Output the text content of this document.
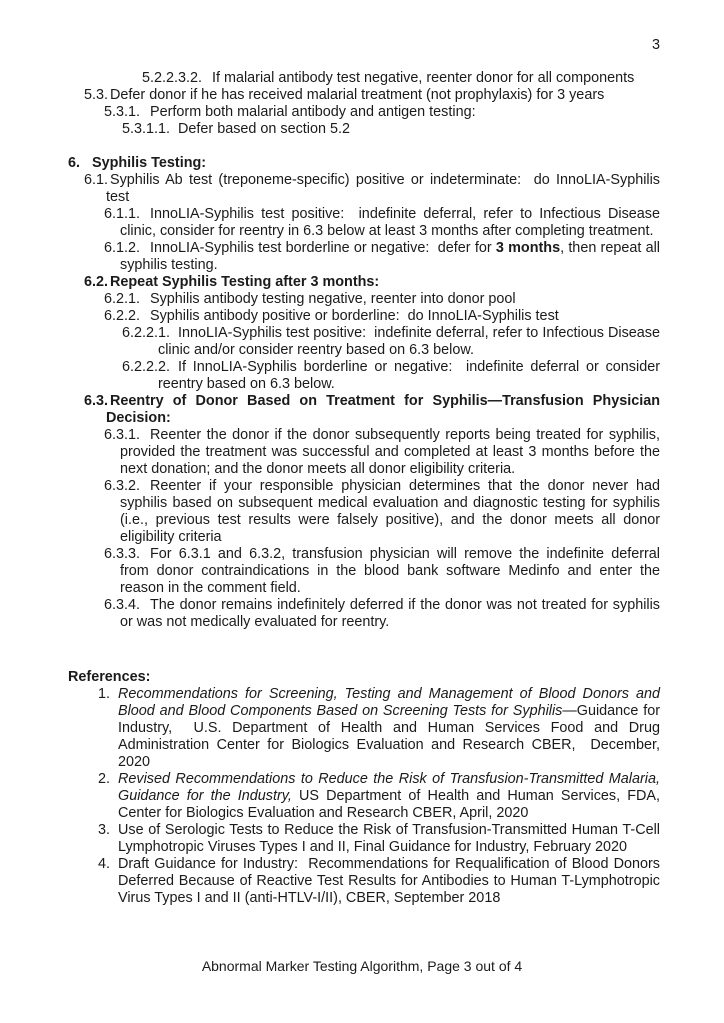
3
5.2.2.3.2. If malarial antibody test negative, reenter donor for all components
5.3. Defer donor if he has received malarial treatment (not prophylaxis) for 3 years
5.3.1. Perform both malarial antibody and antigen testing:
5.3.1.1. Defer based on section 5.2
6. Syphilis Testing:
6.1. Syphilis Ab test (treponeme-specific) positive or indeterminate:  do InnoLIA-Syphilis test
6.1.1. InnoLIA-Syphilis test positive:  indefinite deferral, refer to Infectious Disease clinic, consider for reentry in 6.3 below at least 3 months after completing treatment.
6.1.2. InnoLIA-Syphilis test borderline or negative:  defer for 3 months, then repeat all syphilis testing.
6.2. Repeat Syphilis Testing after 3 months:
6.2.1. Syphilis antibody testing negative, reenter into donor pool
6.2.2. Syphilis antibody positive or borderline:  do InnoLIA-Syphilis test
6.2.2.1. InnoLIA-Syphilis test positive:  indefinite deferral, refer to Infectious Disease clinic and/or consider reentry based on 6.3 below.
6.2.2.2. If InnoLIA-Syphilis borderline or negative:  indefinite deferral or consider reentry based on 6.3 below.
6.3. Reentry of Donor Based on Treatment for Syphilis—Transfusion Physician Decision:
6.3.1. Reenter the donor if the donor subsequently reports being treated for syphilis, provided the treatment was successful and completed at least 3 months before the next donation; and the donor meets all donor eligibility criteria.
6.3.2. Reenter if your responsible physician determines that the donor never had syphilis based on subsequent medical evaluation and diagnostic testing for syphilis (i.e., previous test results were falsely positive), and the donor meets all donor eligibility criteria
6.3.3. For 6.3.1 and 6.3.2, transfusion physician will remove the indefinite deferral from donor contraindications in the blood bank software Medinfo and enter the reason in the comment field.
6.3.4. The donor remains indefinitely deferred if the donor was not treated for syphilis or was not medically evaluated for reentry.
References:
1. Recommendations for Screening, Testing and Management of Blood Donors and Blood and Blood Components Based on Screening Tests for Syphilis—Guidance for Industry,  U.S. Department of Health and Human Services Food and Drug Administration Center for Biologics Evaluation and Research CBER,  December, 2020
2. Revised Recommendations to Reduce the Risk of Transfusion-Transmitted Malaria, Guidance for the Industry, US Department of Health and Human Services, FDA, Center for Biologics Evaluation and Research CBER, April, 2020
3. Use of Serologic Tests to Reduce the Risk of Transfusion-Transmitted Human T-Cell Lymphotropic Viruses Types I and II, Final Guidance for Industry, February 2020
4. Draft Guidance for Industry:  Recommendations for Requalification of Blood Donors Deferred Because of Reactive Test Results for Antibodies to Human T-Lymphotropic Virus Types I and II (anti-HTLV-I/II), CBER, September 2018
Abnormal Marker Testing Algorithm, Page 3 out of 4
